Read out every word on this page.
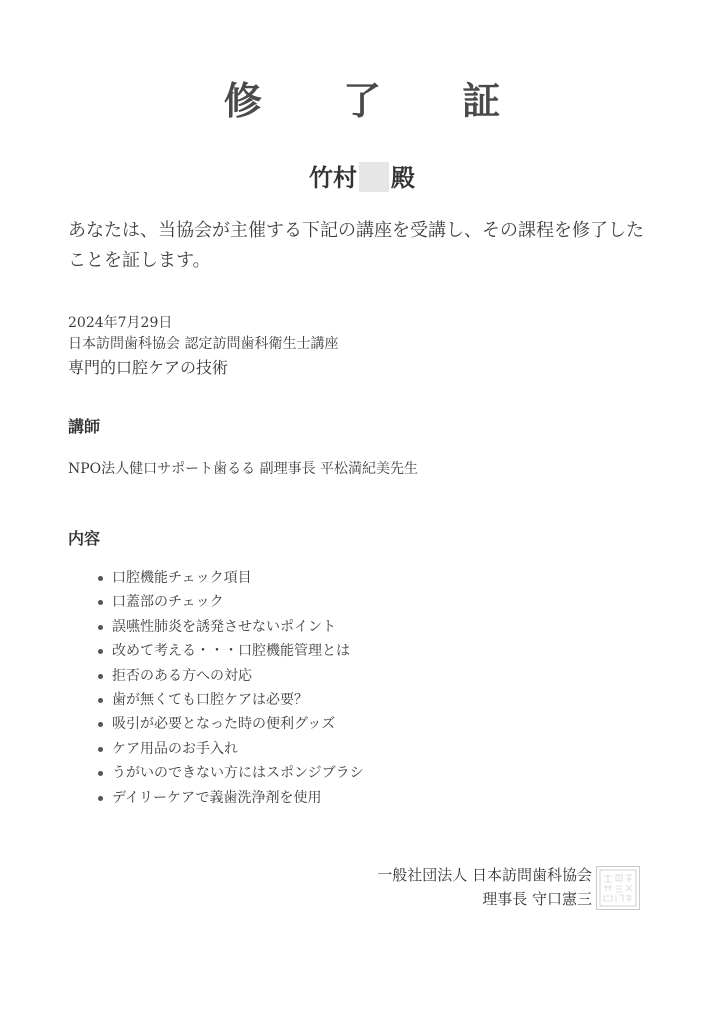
修 了 証
竹村 殿
あなたは、当協会が主催する下記の講座を受講し、その課程を修了したことを証します。
2024年7月29日
日本訪問歯科協会 認定訪問歯科衛生士講座
専門的口腔ケアの技術
講師
NPO法人健口サポート歯るる 副理事長 平松満紀美先生
内容
口腔機能チェック項目
口蓋部のチェック
誤嚥性肺炎を誘発させないポイント
改めて考える・・・口腔機能管理とは
拒否のある方への対応
歯が無くても口腔ケアは必要？
吸引が必要となった時の便利グッズ
ケア用品のお手入れ
うがいのできない方にはスポンジブラシ
デイリーケアで義歯洗浄剤を使用
一般社団法人 日本訪問歯科協会
理事長 守口憲三
